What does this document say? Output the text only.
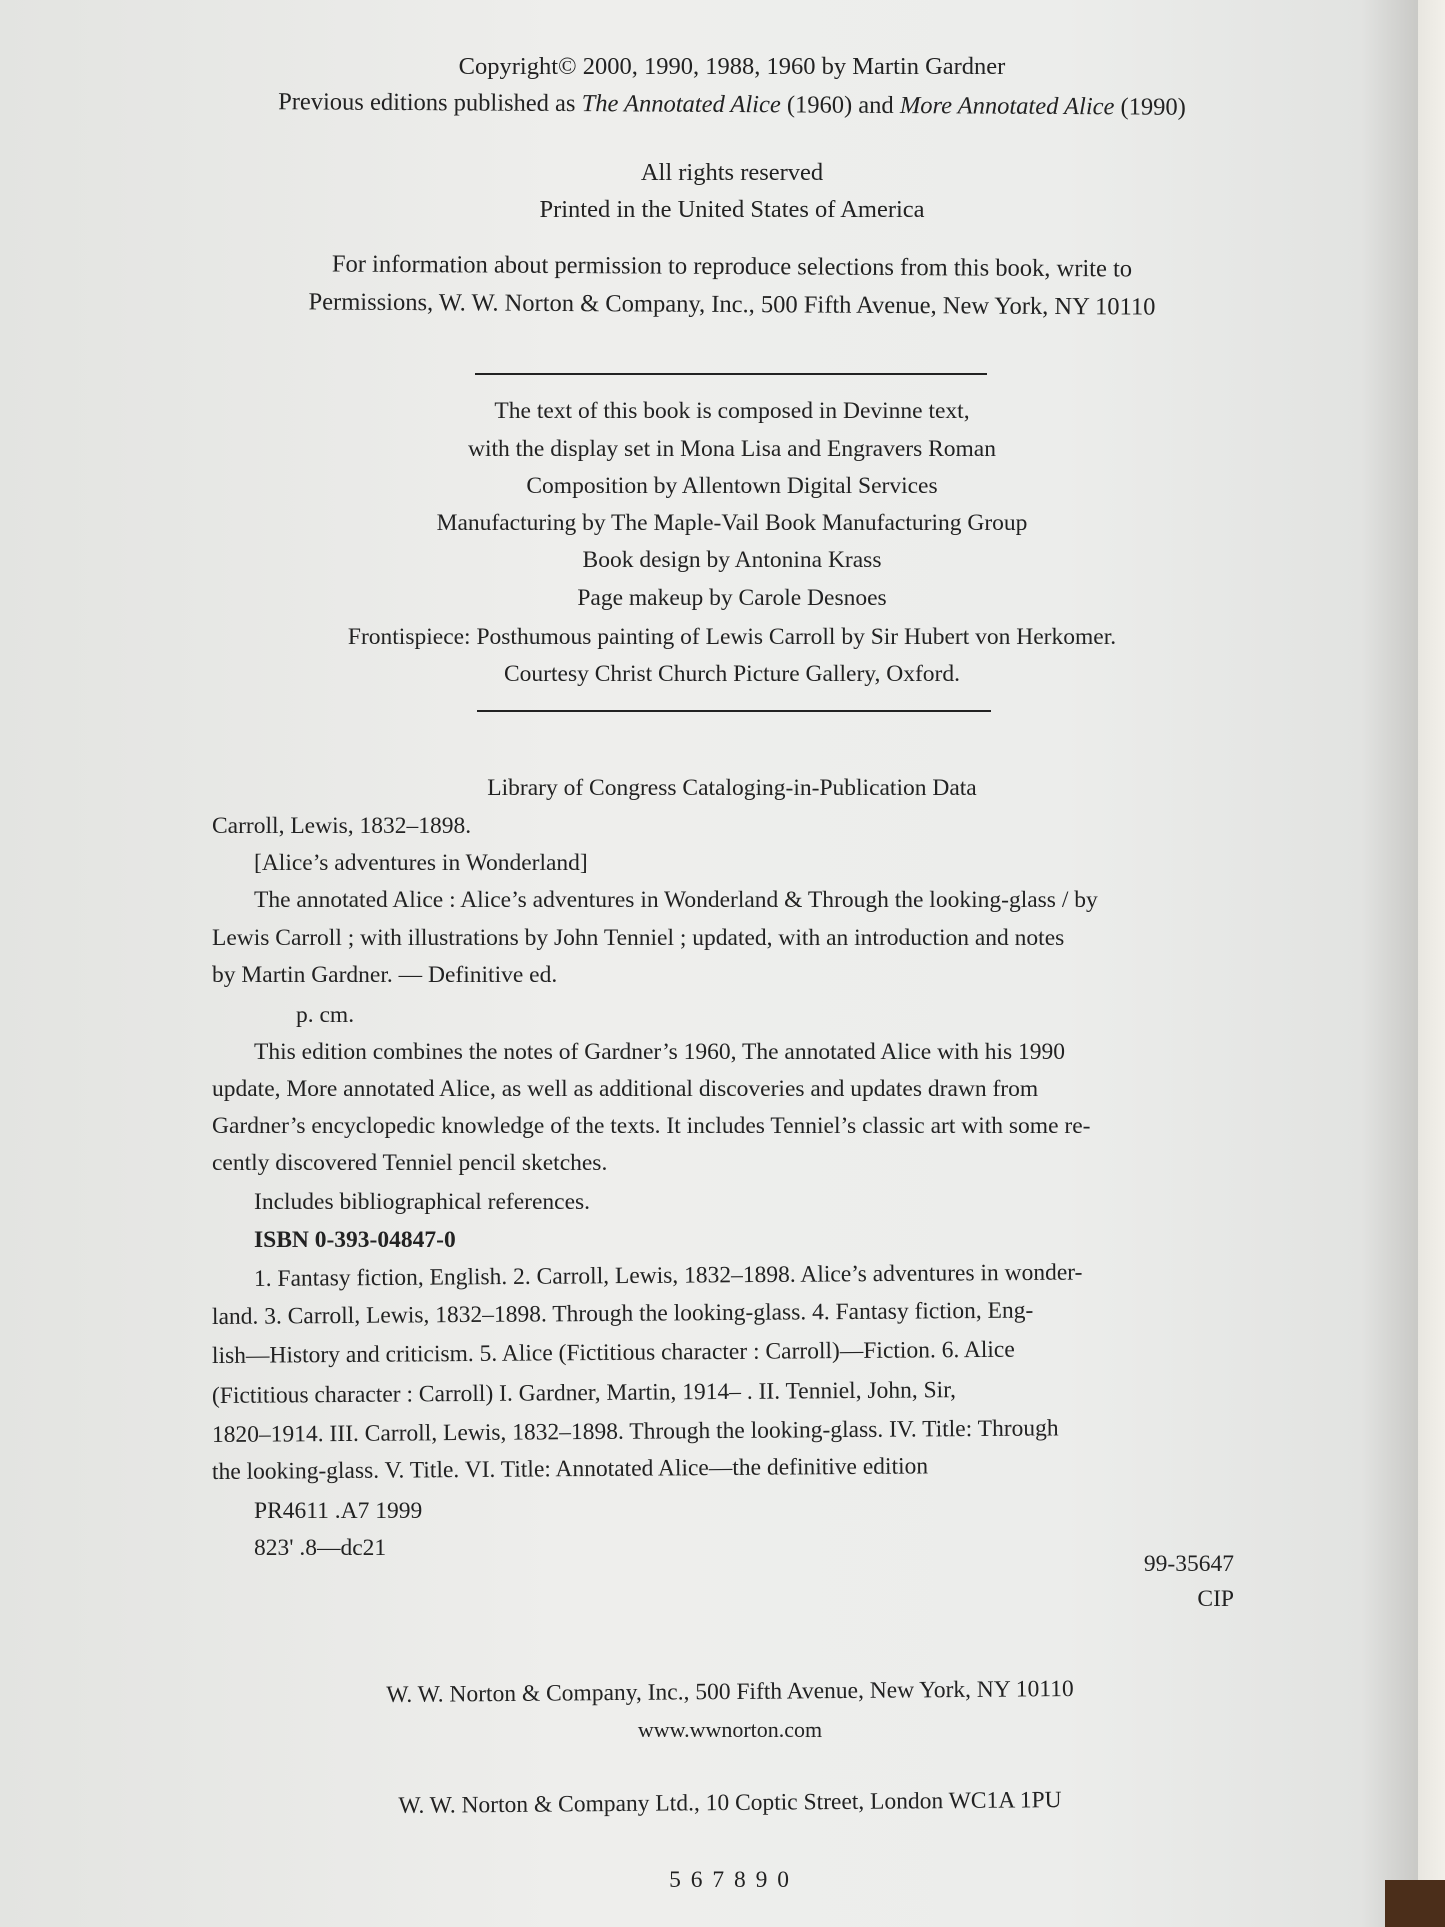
Copyright© 2000, 1990, 1988, 1960 by Martin Gardner
Previous editions published as The Annotated Alice (1960) and More Annotated Alice (1990)
All rights reserved
Printed in the United States of America
For information about permission to reproduce selections from this book, write to
Permissions, W. W. Norton & Company, Inc., 500 Fifth Avenue, New York, NY 10110
The text of this book is composed in Devinne text,
with the display set in Mona Lisa and Engravers Roman
Composition by Allentown Digital Services
Manufacturing by The Maple-Vail Book Manufacturing Group
Book design by Antonina Krass
Page makeup by Carole Desnoes
Frontispiece: Posthumous painting of Lewis Carroll by Sir Hubert von Herkomer.
Courtesy Christ Church Picture Gallery, Oxford.
Library of Congress Cataloging-in-Publication Data
Carroll, Lewis, 1832–1898.
[Alice’s adventures in Wonderland]
The annotated Alice : Alice’s adventures in Wonderland & Through the looking-glass / by
Lewis Carroll ; with illustrations by John Tenniel ; updated, with an introduction and notes
by Martin Gardner. — Definitive ed.
p. cm.
This edition combines the notes of Gardner’s 1960, The annotated Alice with his 1990
update, More annotated Alice, as well as additional discoveries and updates drawn from
Gardner’s encyclopedic knowledge of the texts. It includes Tenniel’s classic art with some re-
cently discovered Tenniel pencil sketches.
Includes bibliographical references.
ISBN 0-393-04847-0
1. Fantasy fiction, English. 2. Carroll, Lewis, 1832–1898. Alice’s adventures in wonder-
land. 3. Carroll, Lewis, 1832–1898. Through the looking-glass. 4. Fantasy fiction, Eng-
lish—History and criticism. 5. Alice (Fictitious character : Carroll)—Fiction. 6. Alice
(Fictitious character : Carroll) I. Gardner, Martin, 1914– . II. Tenniel, John, Sir,
1820–1914. III. Carroll, Lewis, 1832–1898. Through the looking-glass. IV. Title: Through
the looking-glass. V. Title. VI. Title: Annotated Alice—the definitive edition
PR4611 .A7 1999
823' .8—dc21
99-35647
CIP
W. W. Norton & Company, Inc., 500 Fifth Avenue, New York, NY 10110
www.wwnorton.com
W. W. Norton & Company Ltd., 10 Coptic Street, London WC1A 1PU
5 6 7 8 9 0
